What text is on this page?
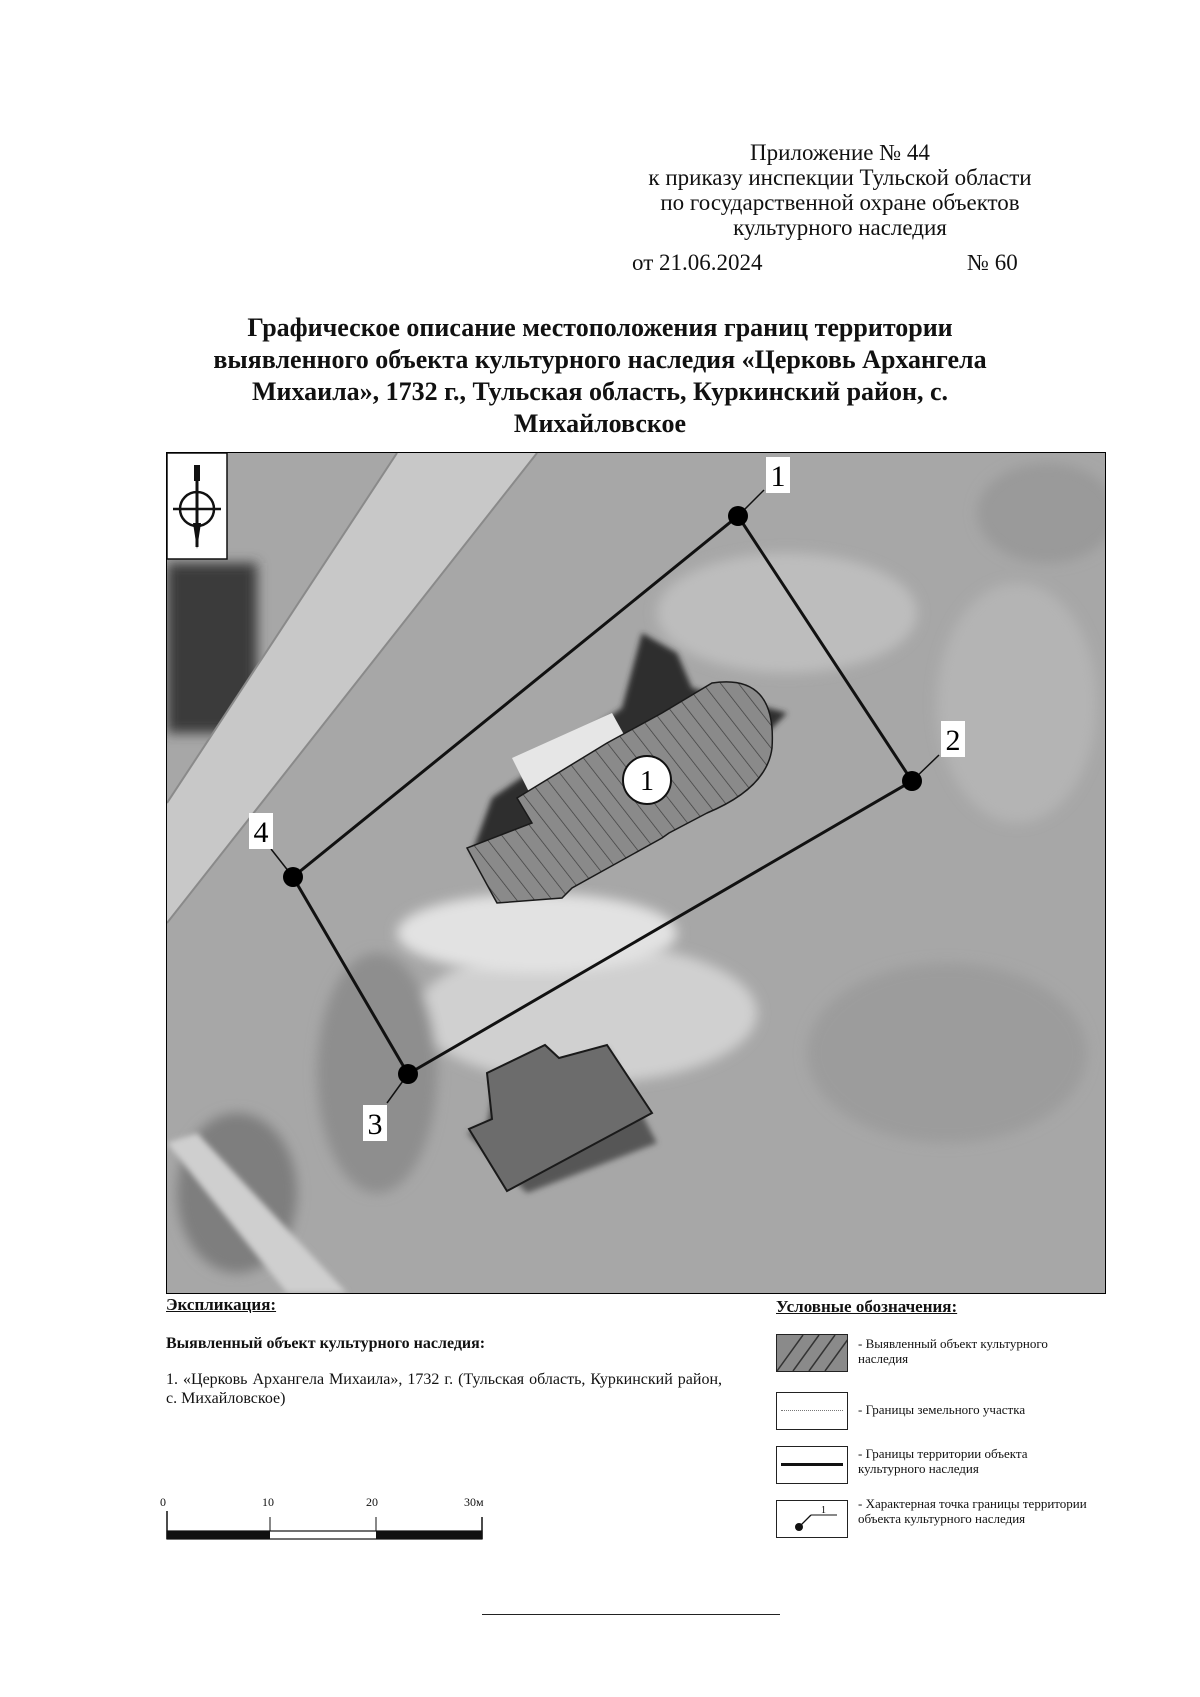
Приложение № 44
к приказу инспекции Тульской области
по государственной охране объектов
культурного наследия
от 21.06.2024	№ 60
Графическое описание местоположения границ территории
выявленного объекта культурного наследия «Церковь Архангела
Михаила», 1732 г., Тульская область, Куркинский район, с.
Михайловское
1
1
2
3
4
Экспликация:
Выявленный объект культурного наследия:
1. «Церковь Архангела Михаила», 1732 г. (Тульская область, Куркинский район, с. Михайловское)
Условные обозначения:
- Выявленный объект культурного наследия
- Границы земельного участка
- Границы территории объекта культурного наследия
1 - Характерная точка границы территории объекта культурного наследия
0	10	20	30м
